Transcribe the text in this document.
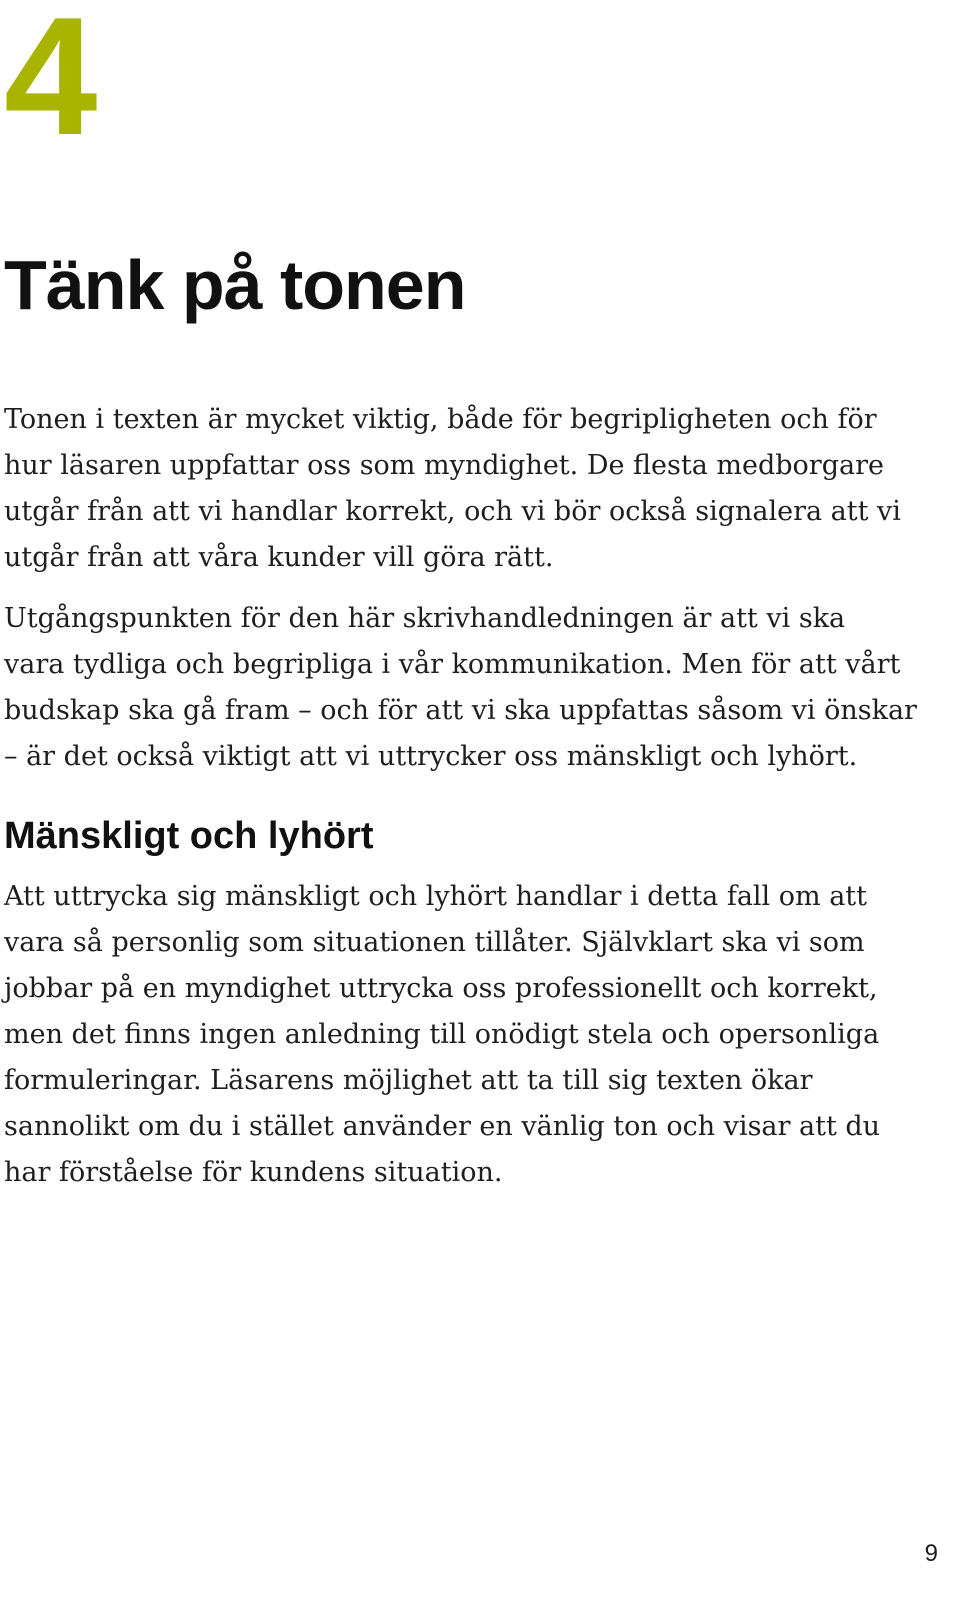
4
Tänk på tonen

Tonen i texten är mycket viktig, både för begripligheten och för
hur läsaren uppfattar oss som myndighet. De flesta medborgare
utgår från att vi handlar korrekt, och vi bör också signalera att vi
utgår från att våra kunder vill göra rätt.

Utgångspunkten för den här skrivhandledningen är att vi ska
vara tydliga och begripliga i vår kommunikation. Men för att vårt
budskap ska gå fram – och för att vi ska uppfattas såsom vi önskar
– är det också viktigt att vi uttrycker oss mänskligt och lyhört.

Mänskligt och lyhört

Att uttrycka sig mänskligt och lyhört handlar i detta fall om att
vara så personlig som situationen tillåter. Självklart ska vi som
jobbar på en myndighet uttrycka oss professionellt och korrekt,
men det finns ingen anledning till onödigt stela och opersonliga
formuleringar. Läsarens möjlighet att ta till sig texten ökar
sannolikt om du i stället använder en vänlig ton och visar att du
har förståelse för kundens situation.

9
